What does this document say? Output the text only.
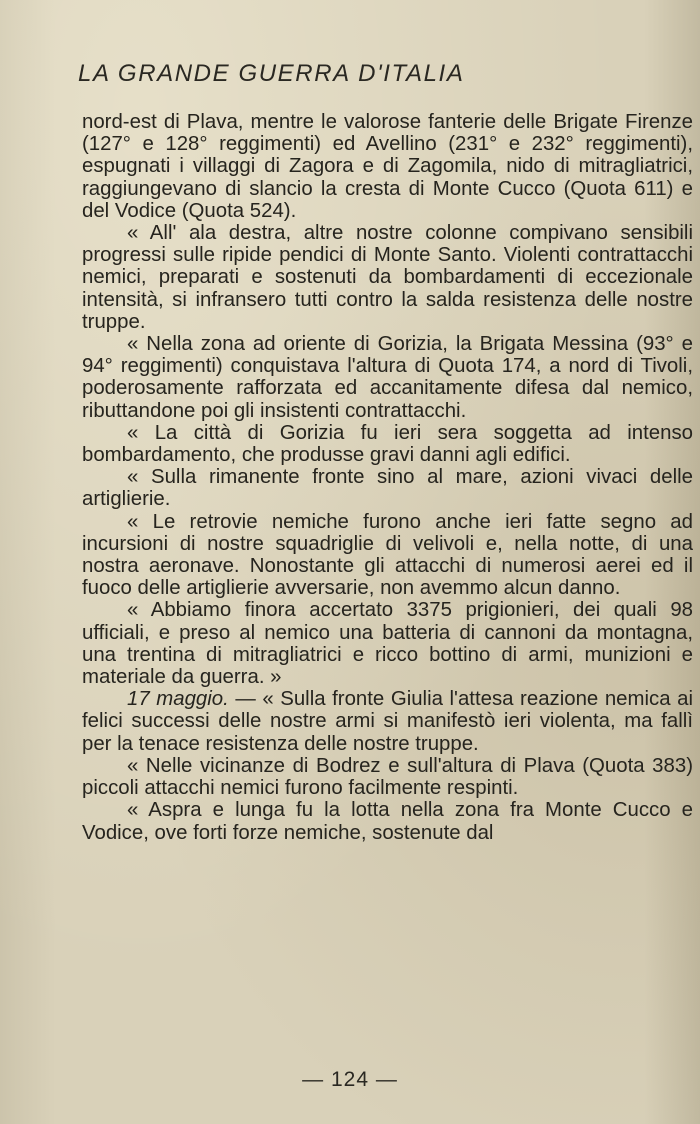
LA GRANDE GUERRA D'ITALIA

nord-est di Plava, mentre le valorose fanterie delle Brigate Firenze (127° e 128° reggimenti) ed Avellino (231° e 232° reggimenti), espugnati i villaggi di Zagora e di Zagomila, nido di mitragliatrici, raggiungevano di slancio la cresta di Monte Cucco (Quota 611) e del Vodice (Quota 524).

« All' ala destra, altre nostre colonne compivano sensibili progressi sulle ripide pendici di Monte Santo. Violenti contrattacchi nemici, preparati e sostenuti da bombardamenti di eccezionale intensità, si infransero tutti contro la salda resistenza delle nostre truppe.

« Nella zona ad oriente di Gorizia, la Brigata Messina (93° e 94° reggimenti) conquistava l'altura di Quota 174, a nord di Tivoli, poderosamente rafforzata ed accanitamente difesa dal nemico, ributtandone poi gli insistenti contrattacchi.

« La città di Gorizia fu ieri sera soggetta ad intenso bombardamento, che produsse gravi danni agli edifici.

« Sulla rimanente fronte sino al mare, azioni vivaci delle artiglierie.

« Le retrovie nemiche furono anche ieri fatte segno ad incursioni di nostre squadriglie di velivoli e, nella notte, di una nostra aeronave. Nonostante gli attacchi di numerosi aerei ed il fuoco delle artiglierie avversarie, non avemmo alcun danno.

« Abbiamo finora accertato 3375 prigionieri, dei quali 98 ufficiali, e preso al nemico una batteria di cannoni da montagna, una trentina di mitragliatrici e ricco bottino di armi, munizioni e materiale da guerra. »

17 maggio. — « Sulla fronte Giulia l'attesa reazione nemica ai felici successi delle nostre armi si manifestò ieri violenta, ma fallì per la tenace resistenza delle nostre truppe.

« Nelle vicinanze di Bodrez e sull'altura di Plava (Quota 383) piccoli attacchi nemici furono facilmente respinti.

« Aspra e lunga fu la lotta nella zona fra Monte Cucco e Vodice, ove forti forze nemiche, sostenute dal

— 124 —
